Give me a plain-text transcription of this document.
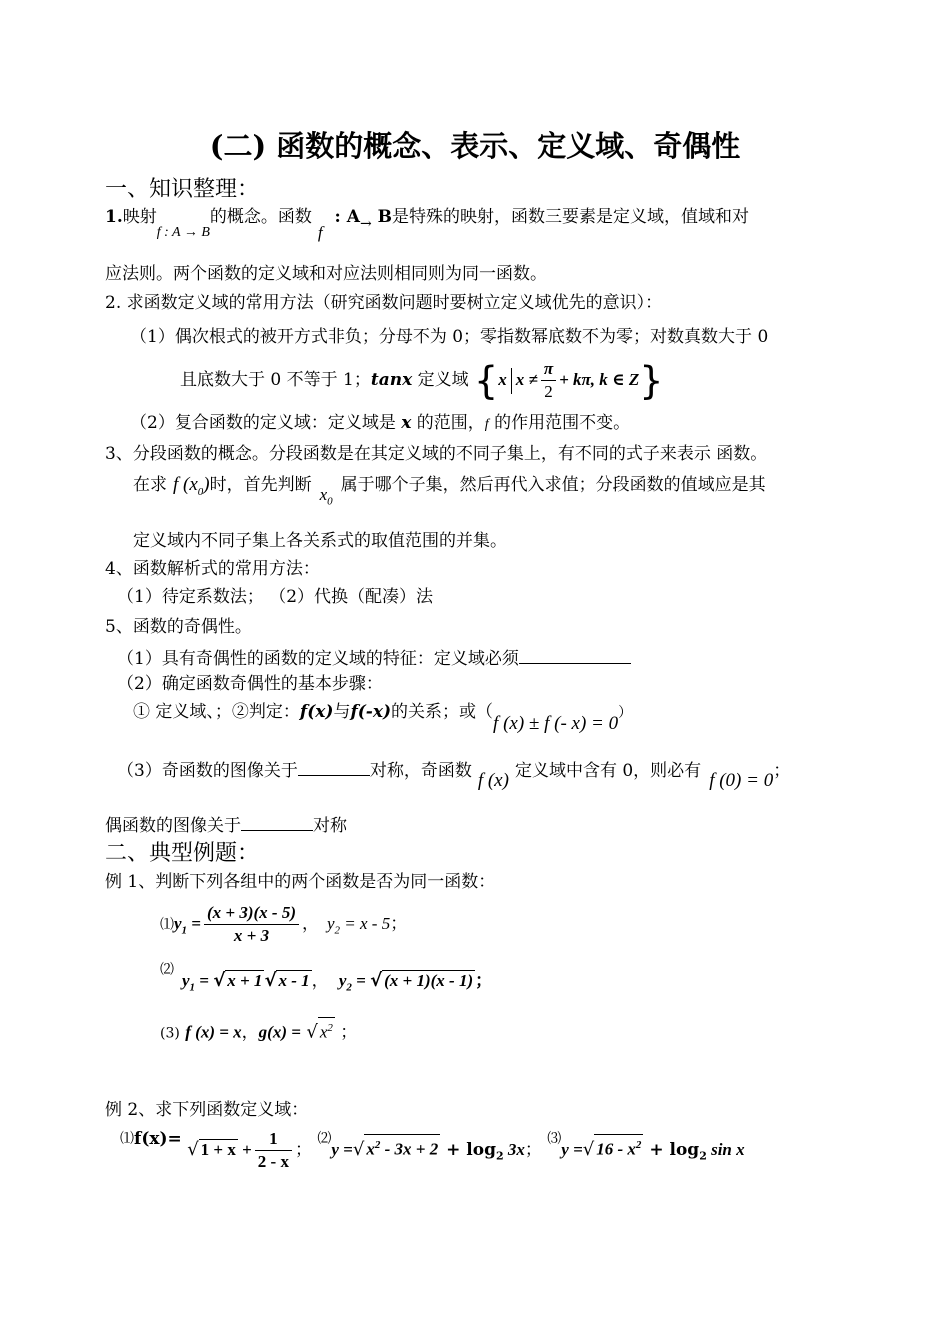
(二) 函数的概念、表示、定义域、奇偶性
一、知识整理：
1.映射$_{f : A \to B}$的概念。函数f : $A_\to$ B是特殊的映射，函数三要素是定义域，值域和对
应法则。两个函数的定义域和对应法则相同则为同一函数。
2. 求函数定义域的常用方法（研究函数问题时要树立定义域优先的意识）：
（1）偶次根式的被开方式非负；分母不为 0；零指数幂底数不为零；对数真数大于 0
且底数大于 0 不等于 1；tanx 定义域 {x $x \ne \frac{\pi}{2} + k\pi$, k ∈ Z}
（2）复合函数的定义域：定义域是 x 的范围，f 的作用范围不变。
3、分段函数的概念。分段函数是在其定义域的不同子集上，有不同的式子来表示 函数。
在求 f $(x_0)$时，首先判断 $x_0$属于哪个子集，然后再代入求值；分段函数的值域应是其
定义域内不同子集上各关系式的取值范围的并集。
4、函数解析式的常用方法：
（1）待定系数法； （2）代换（配凑）法
5、函数的奇偶性。
（1）具有奇偶性的函数的定义域的特征：定义域必须
（2）确定函数奇偶性的基本步骤：
① 定义域、；②判定：f(x)与f(-x)的关系；或（f (x) ± f (- x) = 0）
（3）奇函数的图像关于	对称，奇函数 f (x) 定义域中含有 0，则必有 f (0) = 0；
偶函数的图像关于	对称
二、典型例题：
例 1、判断下列各组中的两个函数是否为同一函数：
$⑴y_1 = \frac{(x + 3)(x - 5)}{x + 3}$ ， $y_2 = x - 5$；
⑵
$y_1$ = √ x + 1 √ x - 1 ， $y_2$ = √ (x + 1)(x - 1) ；
(3) f (x) = x，g(x) = √ $x^2$ ；
例 2、求下列函数定义域：
⑴f(x)= √ $1 + x + \frac{1}{2 - x}$ ； ⑵y =√ $x^2 - 3x + 2 + \log_2 3x$； ⑶y =√ $16 - x^2 + \log_2 \sin x$
